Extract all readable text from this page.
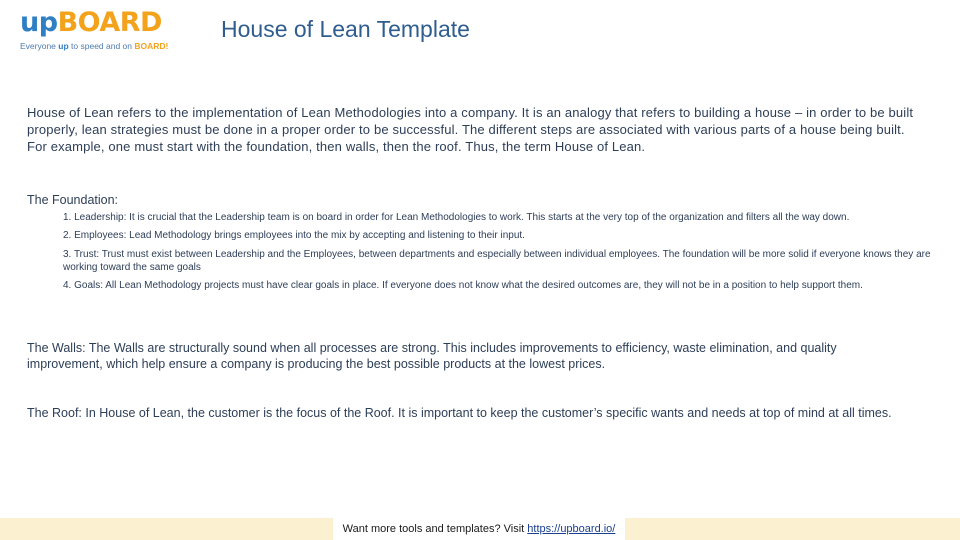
upBOARD
Everyone up to speed and on BOARD!
House of Lean Template

House of Lean refers to the implementation of Lean Methodologies into a company. It is an analogy that refers to building a house – in order to be built properly, lean strategies must be done in a proper order to be successful. The different steps are associated with various parts of a house being built. For example, one must start with the foundation, then walls, then the roof. Thus, the term House of Lean.

The Foundation:

1. Leadership: It is crucial that the Leadership team is on board in order for Lean Methodologies to work. This starts at the very top of the organization and filters all the way down.
2. Employees: Lead Methodology brings employees into the mix by accepting and listening to their input.
3. Trust: Trust must exist between Leadership and the Employees, between departments and especially between individual employees. The foundation will be more solid if everyone knows they are working toward the same goals
4. Goals: All Lean Methodology projects must have clear goals in place. If everyone does not know what the desired outcomes are, they will not be in a position to help support them.

The Walls: The Walls are structurally sound when all processes are strong. This includes improvements to efficiency, waste elimination, and quality improvement, which help ensure a company is producing the best possible products at the lowest prices.

The Roof: In House of Lean, the customer is the focus of the Roof. It is important to keep the customer’s specific wants and needs at top of mind at all times.

Want more tools and templates? Visit https://upboard.io/
